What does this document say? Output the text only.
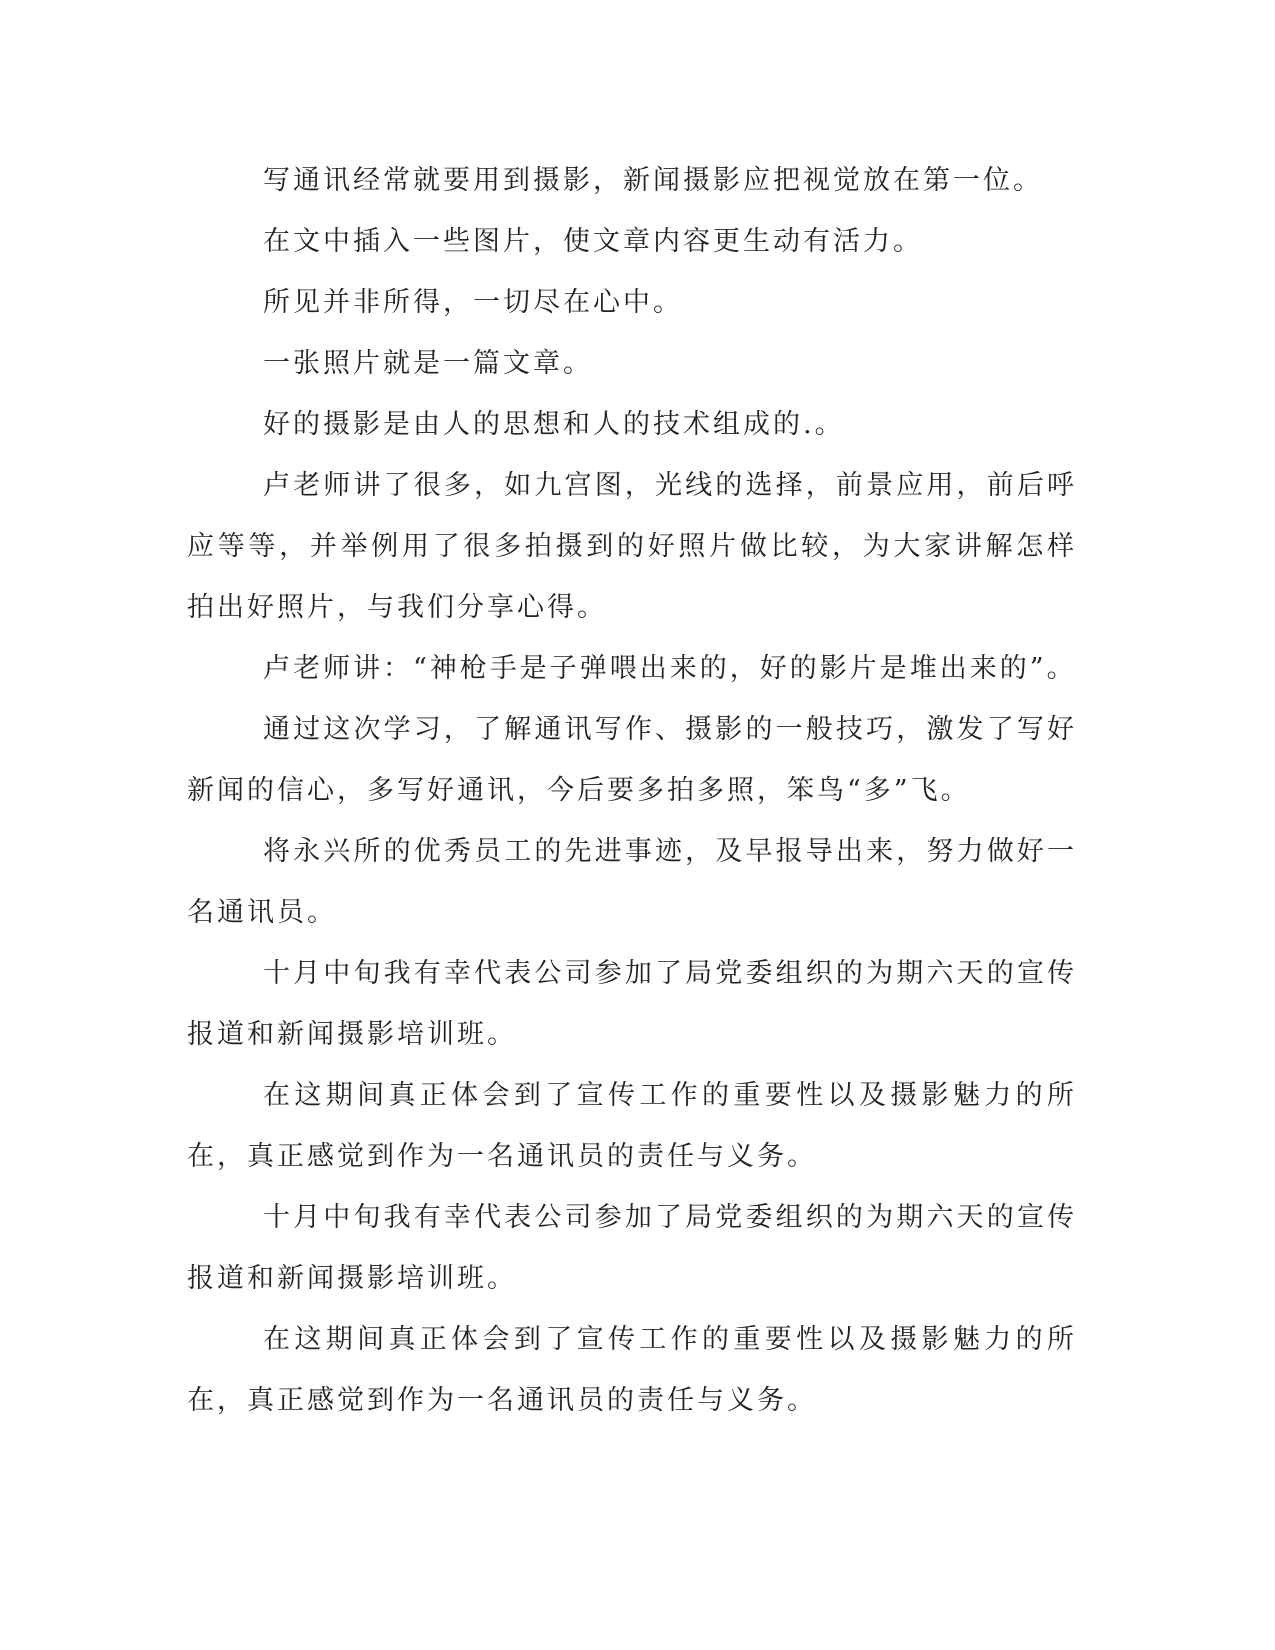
写通讯经常就要用到摄影，新闻摄影应把视觉放在第一位。

在文中插入一些图片，使文章内容更生动有活力。

所见并非所得，一切尽在心中。

一张照片就是一篇文章。

好的摄影是由人的思想和人的技术组成的.。

卢老师讲了很多，如九宫图，光线的选择，前景应用，前后呼应等等，并举例用了很多拍摄到的好照片做比较，为大家讲解怎样拍出好照片，与我们分享心得。

卢老师讲：“神枪手是子弹喂出来的，好的影片是堆出来的”。

通过这次学习，了解通讯写作、摄影的一般技巧，激发了写好新闻的信心，多写好通讯，今后要多拍多照，笨鸟“多”飞。

将永兴所的优秀员工的先进事迹，及早报导出来，努力做好一名通讯员。

十月中旬我有幸代表公司参加了局党委组织的为期六天的宣传报道和新闻摄影培训班。

在这期间真正体会到了宣传工作的重要性以及摄影魅力的所在，真正感觉到作为一名通讯员的责任与义务。

十月中旬我有幸代表公司参加了局党委组织的为期六天的宣传报道和新闻摄影培训班。

在这期间真正体会到了宣传工作的重要性以及摄影魅力的所在，真正感觉到作为一名通讯员的责任与义务。
